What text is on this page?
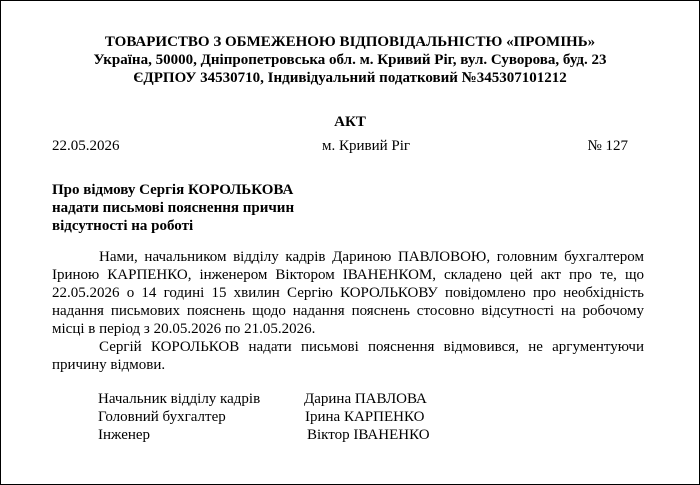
ТОВАРИСТВО З ОБМЕЖЕНОЮ ВІДПОВІДАЛЬНІСТЮ «ПРОМІНЬ»
Україна, 50000, Дніпропетровська обл. м. Кривий Ріг, вул. Суворова, буд. 23
ЄДРПОУ 34530710, Індивідуальний податковий №345307101212
АКТ
22.05.2026	м. Кривий Ріг	№ 127
Про відмову Сергія КОРОЛЬКОВА
надати письмові пояснення причин
відсутності на роботі

Нами, начальником відділу кадрів Дариною ПАВЛОВОЮ, головним бухгалтером Іриною КАРПЕНКО, інженером Віктором ІВАНЕНКОМ, складено цей акт про те, що 22.05.2026 о 14 годині 15 хвилин Сергію КОРОЛЬКОВУ повідомлено про необхідність надання письмових пояснень щодо надання пояснень стосовно відсутності на робочому місці в період з 20.05.2026 по 21.05.2026.

Сергій КОРОЛЬКОВ надати письмові пояснення відмовився, не аргументуючи причину відмови.

Начальник відділу кадрів	Дарина ПАВЛОВА
Головний бухгалтер	Ірина КАРПЕНКО
Інженер	Віктор ІВАНЕНКО
